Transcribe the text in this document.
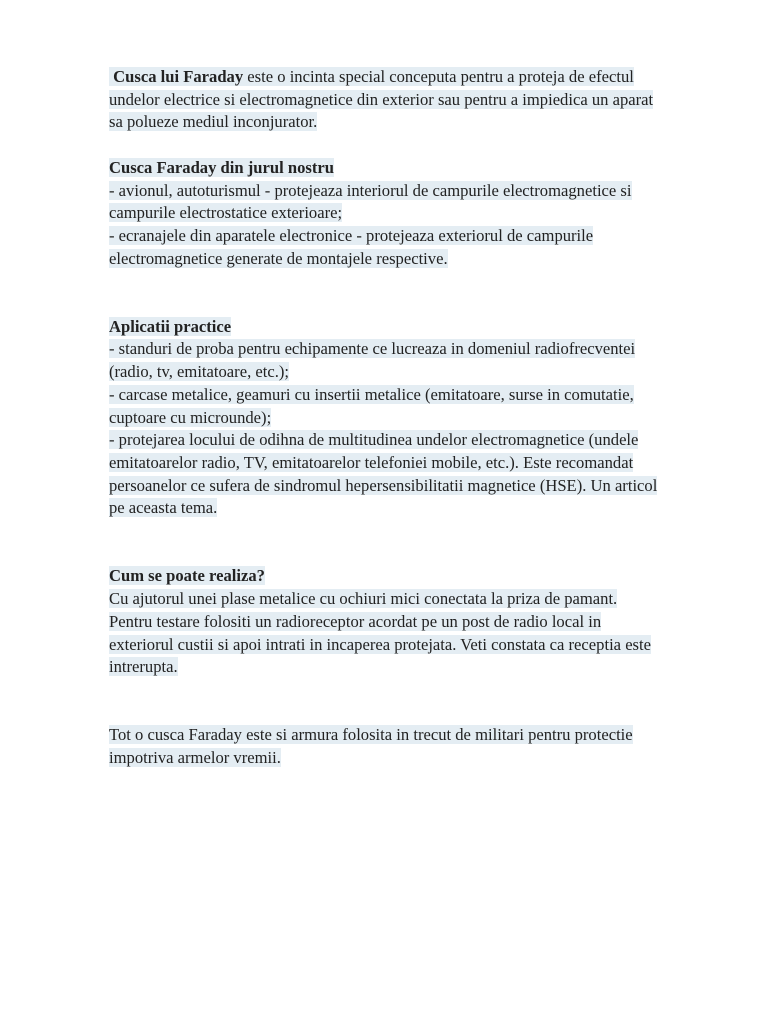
Cusca lui Faraday este o incinta special conceputa pentru a proteja de efectul
undelor electrice si electromagnetice din exterior sau pentru a impiedica un aparat
sa polueze mediul inconjurator.
Cusca Faraday din jurul nostru
- avionul, autoturismul - protejeaza interiorul de campurile electromagnetice si
campurile electrostatice exterioare;
- ecranajele din aparatele electronice - protejeaza exteriorul de campurile
electromagnetice generate de montajele respective.
Aplicatii practice
- standuri de proba pentru echipamente ce lucreaza in domeniul radiofrecventei
(radio, tv, emitatoare, etc.);
- carcase metalice, geamuri cu insertii metalice (emitatoare, surse in comutatie,
cuptoare cu microunde);
- protejarea locului de odihna de multitudinea undelor electromagnetice (undele
emitatoarelor radio, TV, emitatoarelor telefoniei mobile, etc.). Este recomandat
persoanelor ce sufera de sindromul hepersensibilitatii magnetice (HSE). Un articol
pe aceasta tema.
Cum se poate realiza?
Cu ajutorul unei plase metalice cu ochiuri mici conectata la priza de pamant.
Pentru testare folositi un radioreceptor acordat pe un post de radio local in
exteriorul custii si apoi intrati in incaperea protejata. Veti constata ca receptia este
intrerupta.
Tot o cusca Faraday este si armura folosita in trecut de militari pentru protectie
impotriva armelor vremii.
